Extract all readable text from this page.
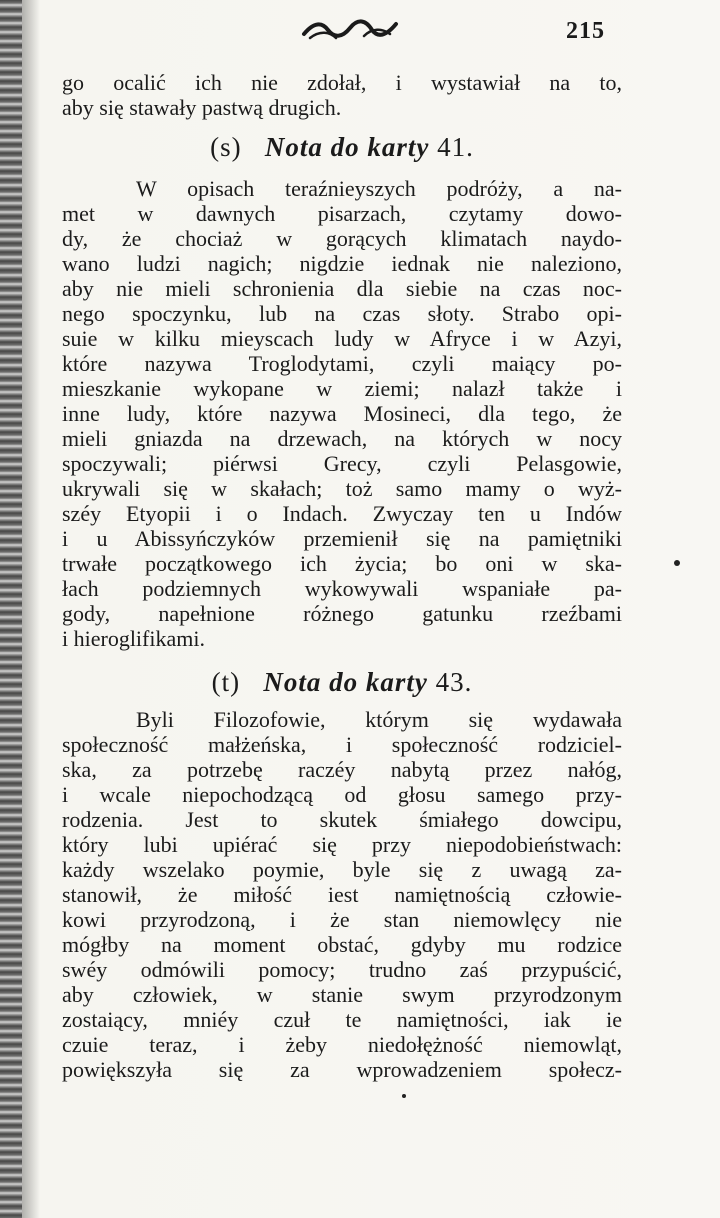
215
go ocalić ich nie zdołał, i wystawiał na to,
aby się stawały pastwą drugich.
(s) Nota do karty 41.
W opisach teraźnieyszych podróży, a na-
met w dawnych pisarzach, czytamy dowo-
dy, że chociaż w gorących klimatach naydo-
wano ludzi nagich; nigdzie iednak nie naleziono,
aby nie mieli schronienia dla siebie na czas noc-
nego spoczynku, lub na czas słoty. Strabo opi-
suie w kilku mieyscach ludy w Afryce i w Azyi,
które nazywa Troglodytami, czyli maiący po-
mieszkanie wykopane w ziemi; nalazł także i
inne ludy, które nazywa Mosineci, dla tego, że
mieli gniazda na drzewach, na których w nocy
spoczywali; piérwsi Grecy, czyli Pelasgowie,
ukrywali się w skałach; toż samo mamy o wyż-
széy Etyopii i o Indach. Zwyczay ten u Indów
i u Abissyńczyków przemienił się na pamiętniki
trwałe początkowego ich życia; bo oni w ska-
łach podziemnych wykowywali wspaniałe pa-
gody, napełnione różnego gatunku rzeźbami
i hieroglifikami.
(t) Nota do karty 43.
Byli Filozofowie, którym się wydawała
społeczność małżeńska, i społeczność rodziciel-
ska, za potrzebę raczéy nabytą przez nałóg,
i wcale niepochodzącą od głosu samego przy-
rodzenia. Jest to skutek śmiałego dowcipu,
który lubi upiérać się przy niepodobieństwach:
każdy wszelako poymie, byle się z uwagą za-
stanowił, że miłość iest namiętnością człowie-
kowi przyrodzoną, i że stan niemowlęcy nie
mógłby na moment obstać, gdyby mu rodzice
swéy odmówili pomocy; trudno zaś przypuścić,
aby człowiek, w stanie swym przyrodzonym
zostaiący, mniéy czuł te namiętności, iak ie
czuie teraz, i żeby niedołężność niemowląt,
powiększyła się za wprowadzeniem społecz-
